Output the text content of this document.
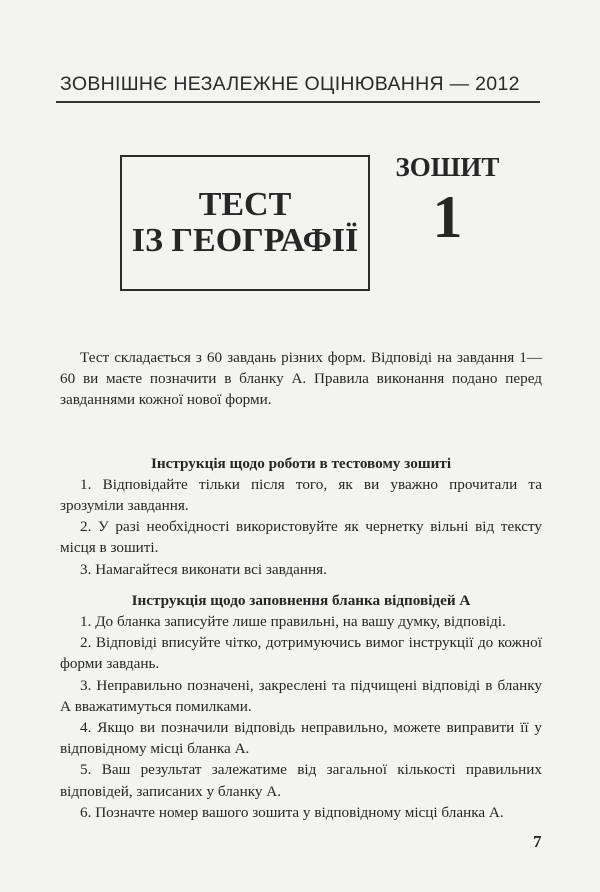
ЗОВНІШНЄ НЕЗАЛЕЖНЕ ОЦІНЮВАННЯ — 2012
ТЕСТ
ІЗ ГЕОГРАФІЇ
ЗОШИТ
1

Тест складається з 60 завдань різних форм. Відповіді на завдання 1—60 ви маєте позначити в бланку А. Правила виконання подано перед завданнями кожної нової форми.

Інструкція щодо роботи в тестовому зошиті

1. Відповідайте тільки після того, як ви уважно прочитали та зрозуміли завдання.

2. У разі необхідності використовуйте як чернетку вільні від тексту місця в зошиті.

3. Намагайтеся виконати всі завдання.

Інструкція щодо заповнення бланка відповідей А

1. До бланка записуйте лише правильні, на вашу думку, відповіді.

2. Відповіді вписуйте чітко, дотримуючись вимог інструкції до кожної форми завдань.

3. Неправильно позначені, закреслені та підчищені відповіді в бланку А вважатимуться помилками.

4. Якщо ви позначили відповідь неправильно, можете виправити її у відповідному місці бланка А.

5. Ваш результат залежатиме від загальної кількості правильних відповідей, записаних у бланку А.

6. Позначте номер вашого зошита у відповідному місці бланка А.

7
